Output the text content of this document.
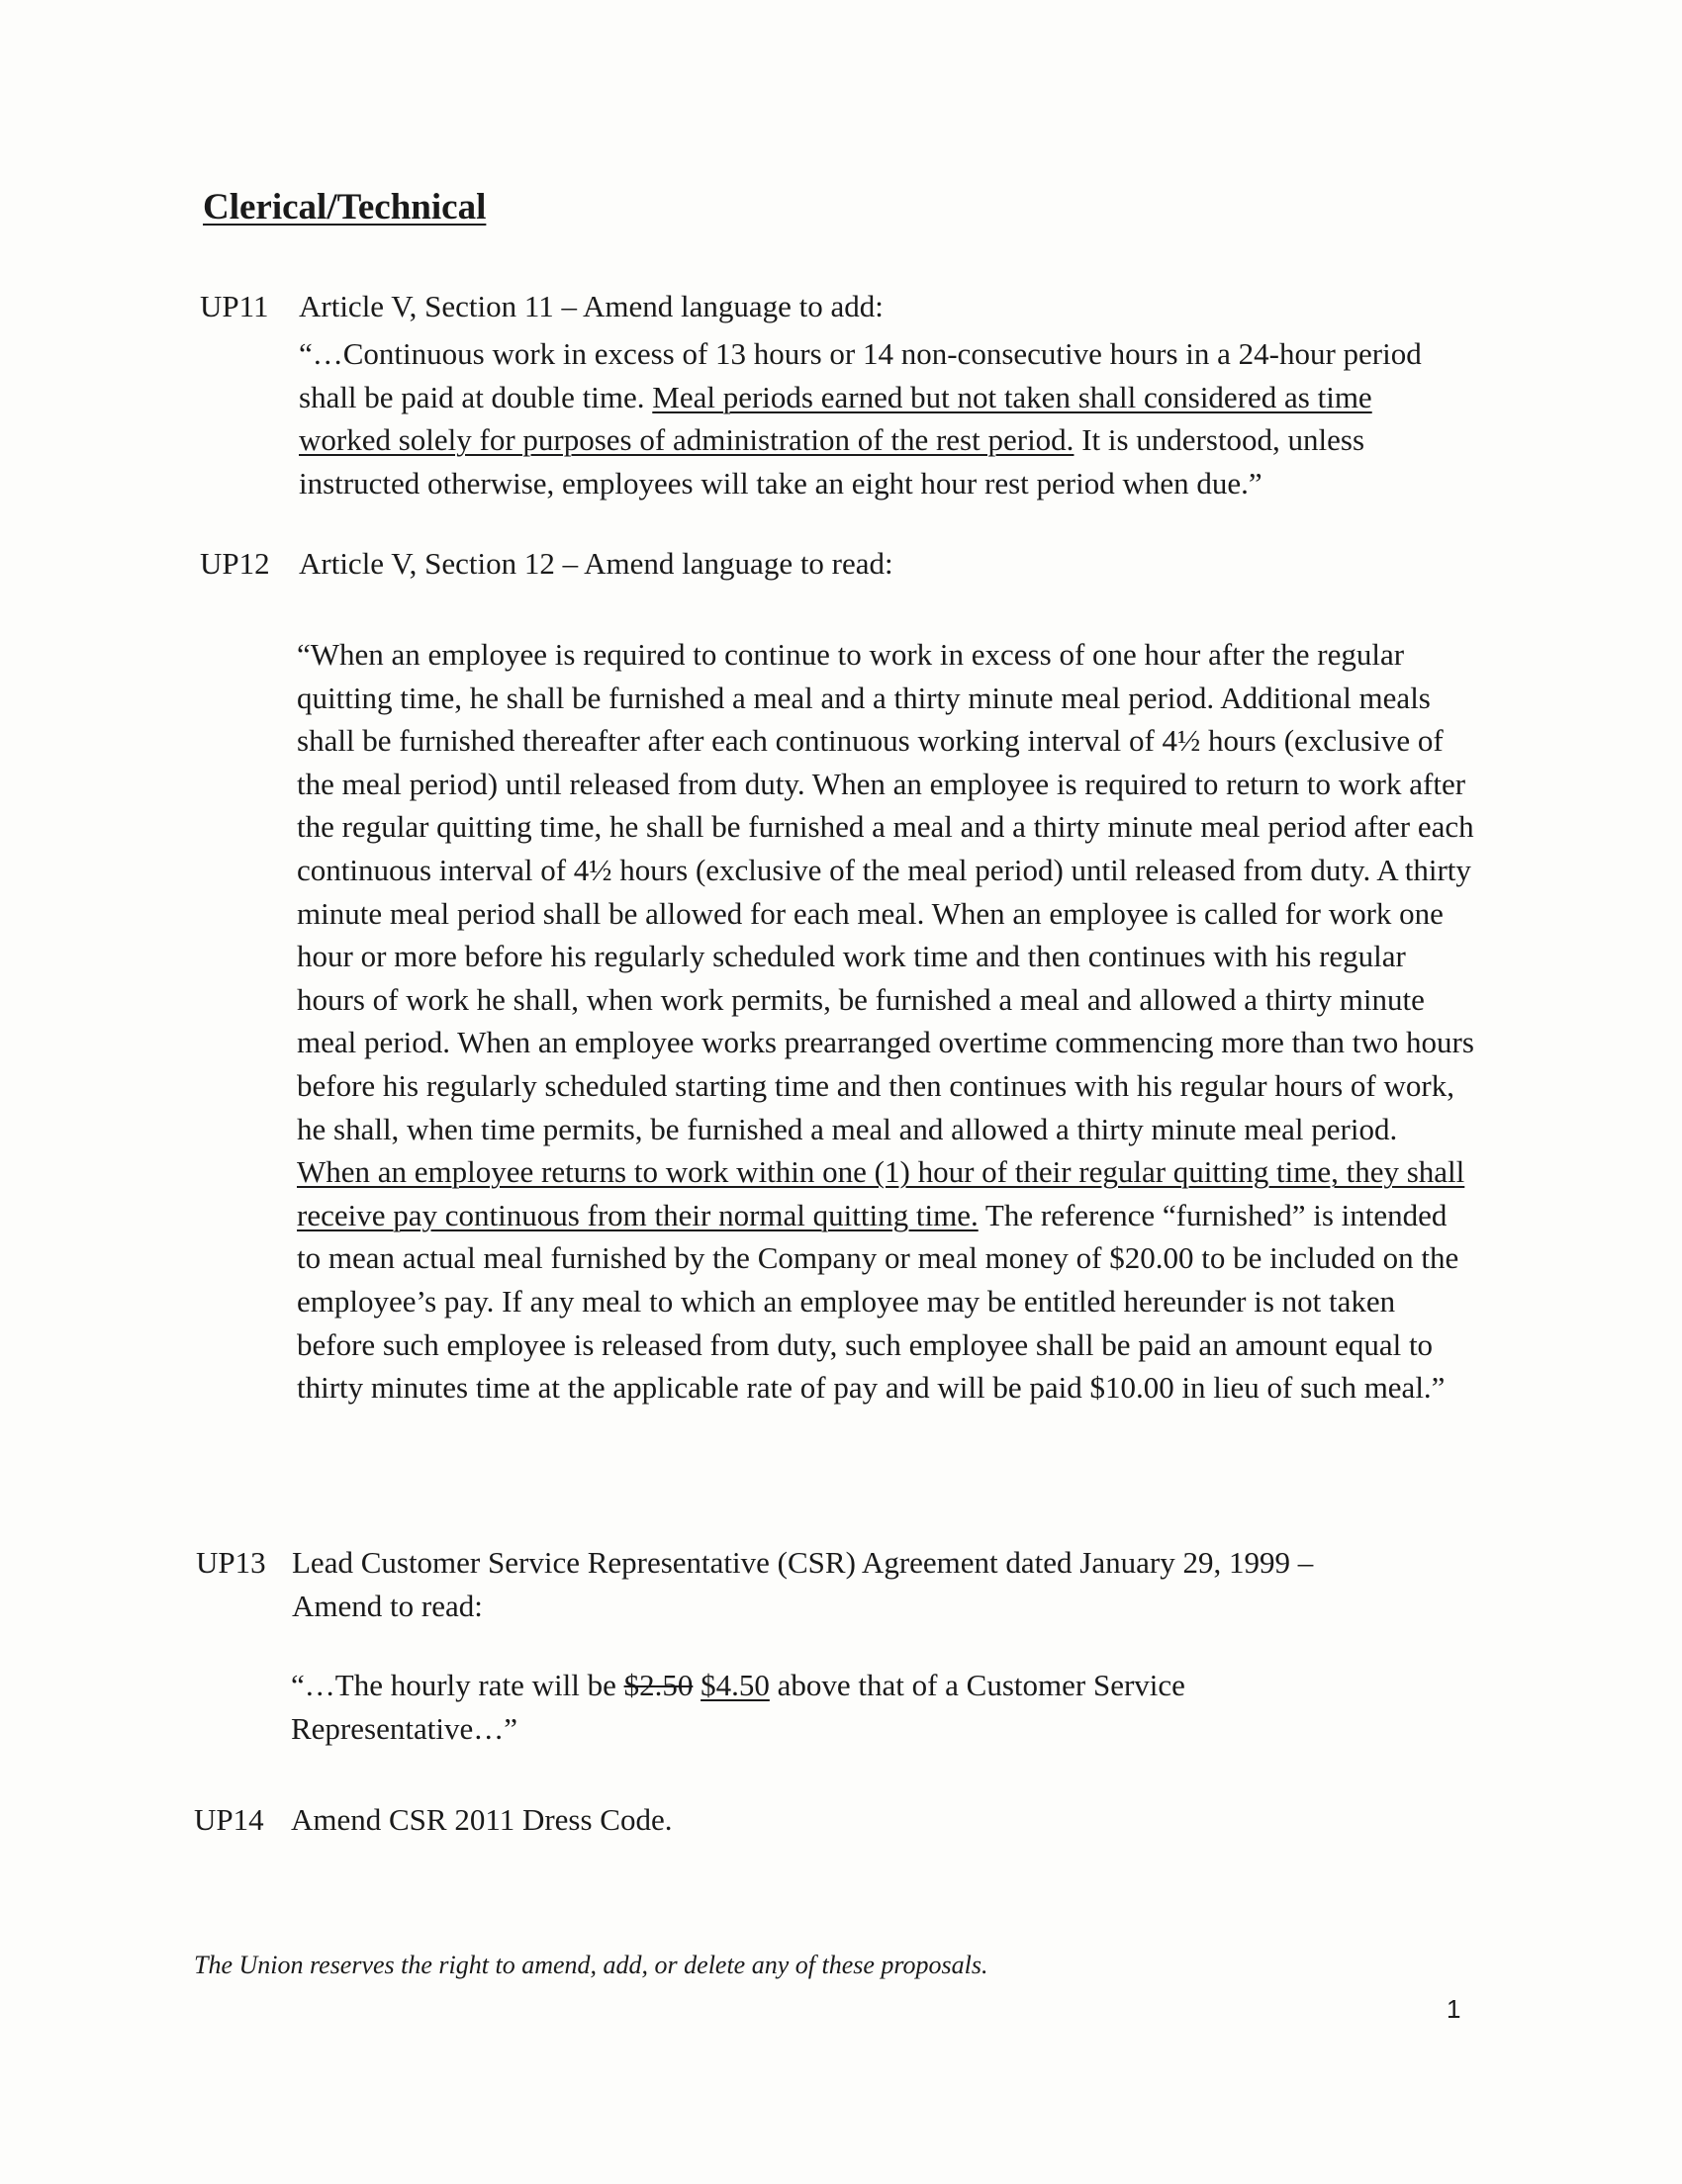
Clerical/Technical
UP11 Article V, Section 11 – Amend language to add:

“…Continuous work in excess of 13 hours or 14 non-consecutive hours in a 24-hour period shall be paid at double time. Meal periods earned but not taken shall considered as time worked solely for purposes of administration of the rest period. It is understood, unless instructed otherwise, employees will take an eight hour rest period when due.”

UP12 Article V, Section 12 – Amend language to read:

“When an employee is required to continue to work in excess of one hour after the regular quitting time, he shall be furnished a meal and a thirty minute meal period. Additional meals shall be furnished thereafter after each continuous working interval of 4½ hours (exclusive of the meal period) until released from duty. When an employee is required to return to work after the regular quitting time, he shall be furnished a meal and a thirty minute meal period after each continuous interval of 4½ hours (exclusive of the meal period) until released from duty. A thirty minute meal period shall be allowed for each meal. When an employee is called for work one hour or more before his regularly scheduled work time and then continues with his regular hours of work he shall, when work permits, be furnished a meal and allowed a thirty minute meal period. When an employee works prearranged overtime commencing more than two hours before his regularly scheduled starting time and then continues with his regular hours of work, he shall, when time permits, be furnished a meal and allowed a thirty minute meal period. When an employee returns to work within one (1) hour of their regular quitting time, they shall receive pay continuous from their normal quitting time. The reference “furnished” is intended to mean actual meal furnished by the Company or meal money of $20.00 to be included on the employee’s pay. If any meal to which an employee may be entitled hereunder is not taken before such employee is released from duty, such employee shall be paid an amount equal to thirty minutes time at the applicable rate of pay and will be paid $10.00 in lieu of such meal.”

UP13 Lead Customer Service Representative (CSR) Agreement dated January 29, 1999 –
Amend to read:

“…The hourly rate will be $2.50 $4.50 above that of a Customer Service Representative…”

UP14 Amend CSR 2011 Dress Code.
The Union reserves the right to amend, add, or delete any of these proposals.
1
